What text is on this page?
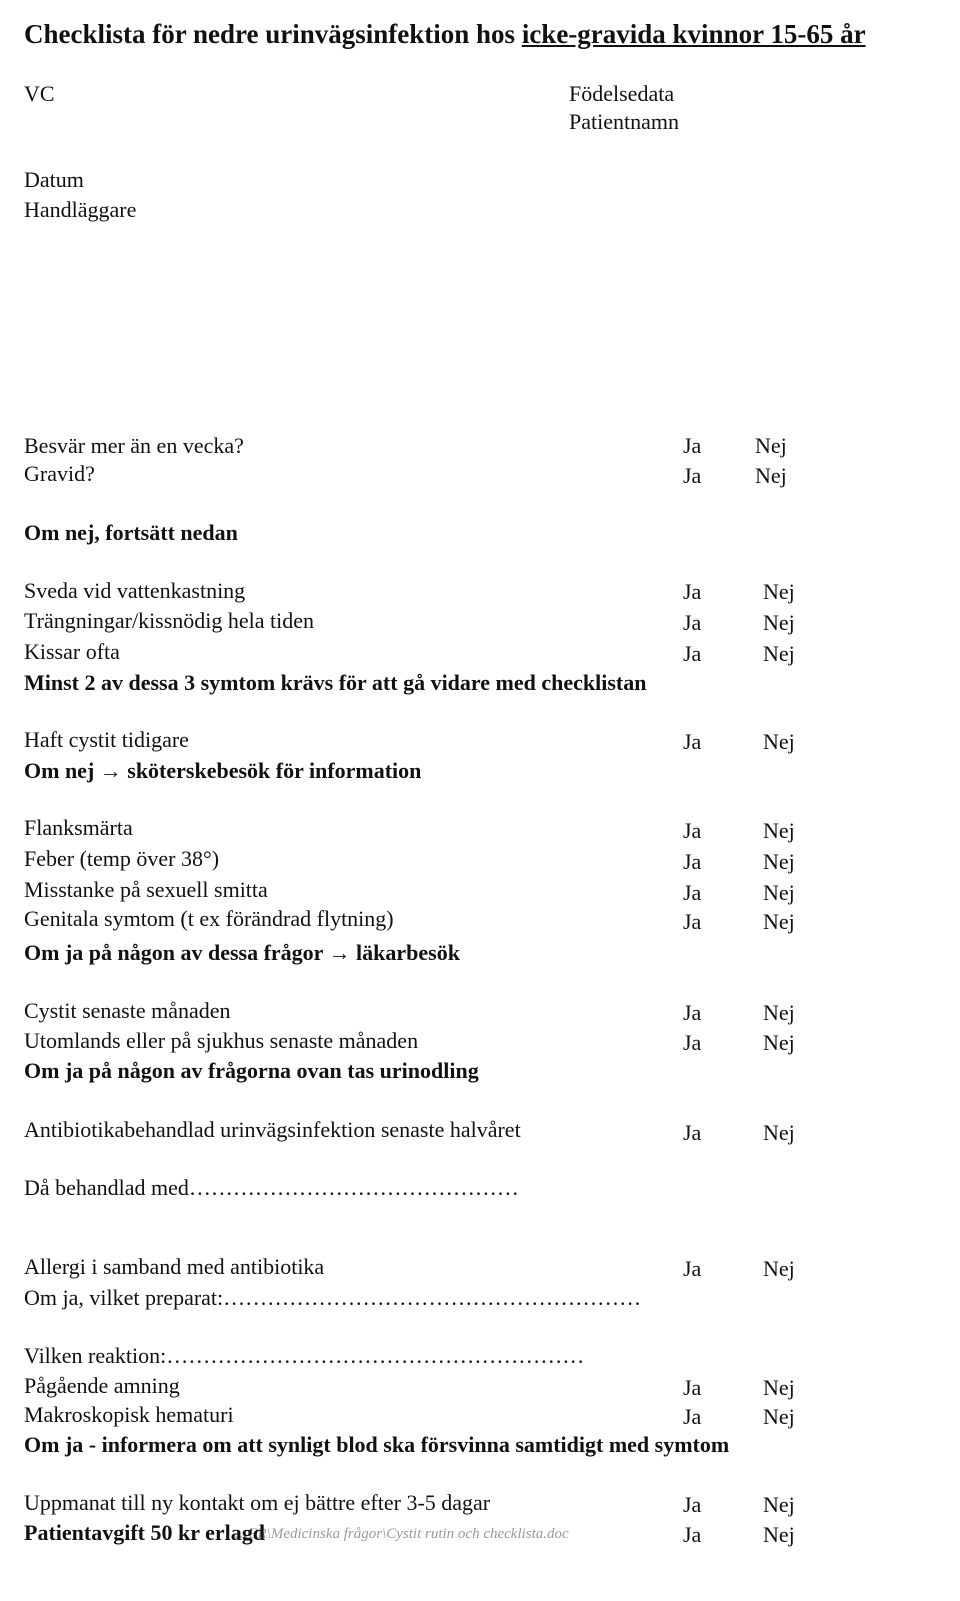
Checklista för nedre urinvägsinfektion hos icke-gravida kvinnor 15-65 år
VC	Födelsedata
Patientnamn
Datum
Handläggare
Besvär mer än en vecka?	Ja Nej
Gravid?	Ja Nej
Om nej, fortsätt nedan
Sveda vid vattenkastning	Ja	Nej
Trängningar/kissnödig hela tiden	Ja	Nej
Kissar ofta	Ja	Nej
Minst 2 av dessa 3 symtom krävs för att gå vidare med checklistan
Haft cystit tidigare	Ja	Nej
Om nej → sköterskebesök för information
Flanksmärta	Ja	Nej
Feber (temp över 38°)	Ja	Nej
Misstanke på sexuell smitta	Ja	Nej
Genitala symtom (t ex förändrad flytning)	Ja	Nej
Om ja på någon av dessa frågor → läkarbesök
Cystit senaste månaden	Ja	Nej
Utomlands eller på sjukhus senaste månaden	Ja	Nej
Om ja på någon av frågorna ovan tas urinodling
Antibiotikabehandlad urinvägsinfektion senaste halvåret	Ja	Nej
Då behandlad med………………………………………
Allergi i samband med antibiotika	Ja	Nej
Om ja, vilket preparat:…………………………………………………
Vilken reaktion:…………………………………………………
Pågående amning	Ja	Nej
Makroskopisk hematuri	Ja	Nej
Om ja - informera om att synligt blod ska försvinna samtidigt med symtom
…ER\Medicinska frågor\Cystit rutin och checklista.doc
Uppmanat till ny kontakt om ej bättre efter 3-5 dagar	Ja	Nej
Patientavgift 50 kr erlagd	Ja	Nej
